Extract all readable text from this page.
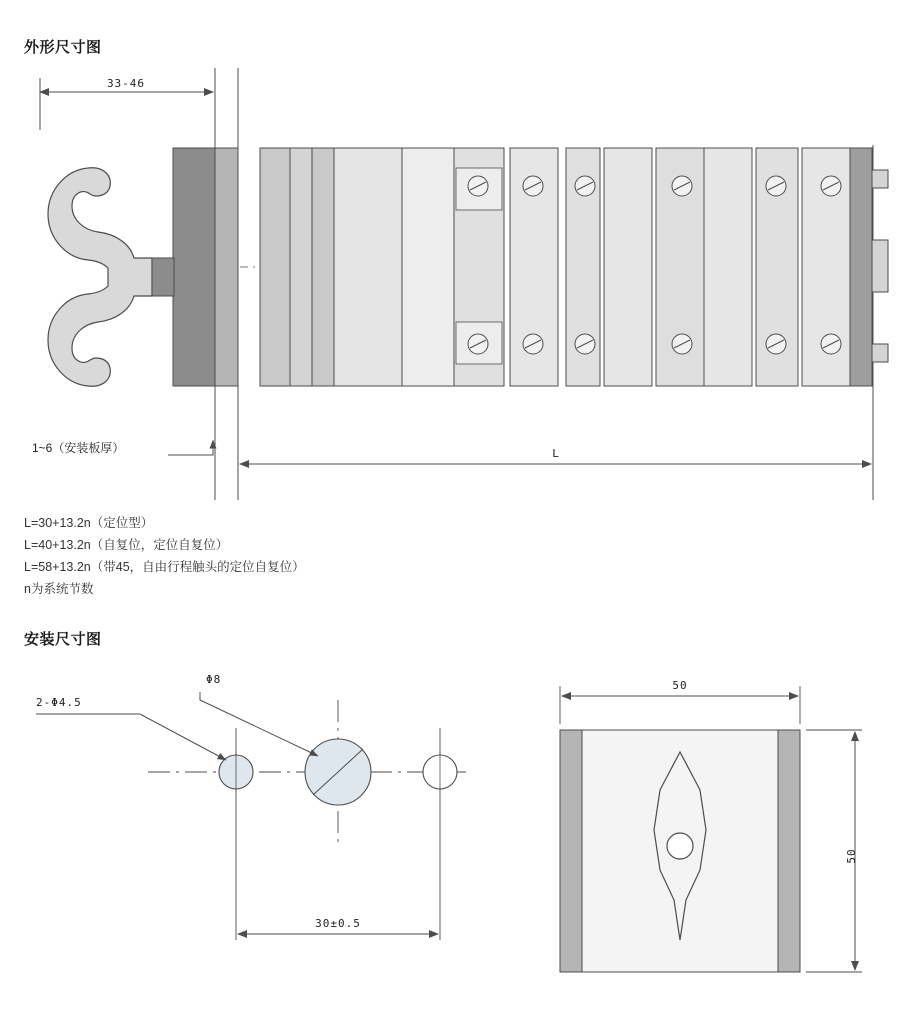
外形尺寸图
安装尺寸图
L=30+13.2n（定位型）
L=40+13.2n（自复位，定位自复位）
L=58+13.2n（带45，自由行程触头的定位自复位）
n为系统节数
33-46
1~6（安装板厚）	L
2-Φ4.5
Φ8
30±0.5
50
50
